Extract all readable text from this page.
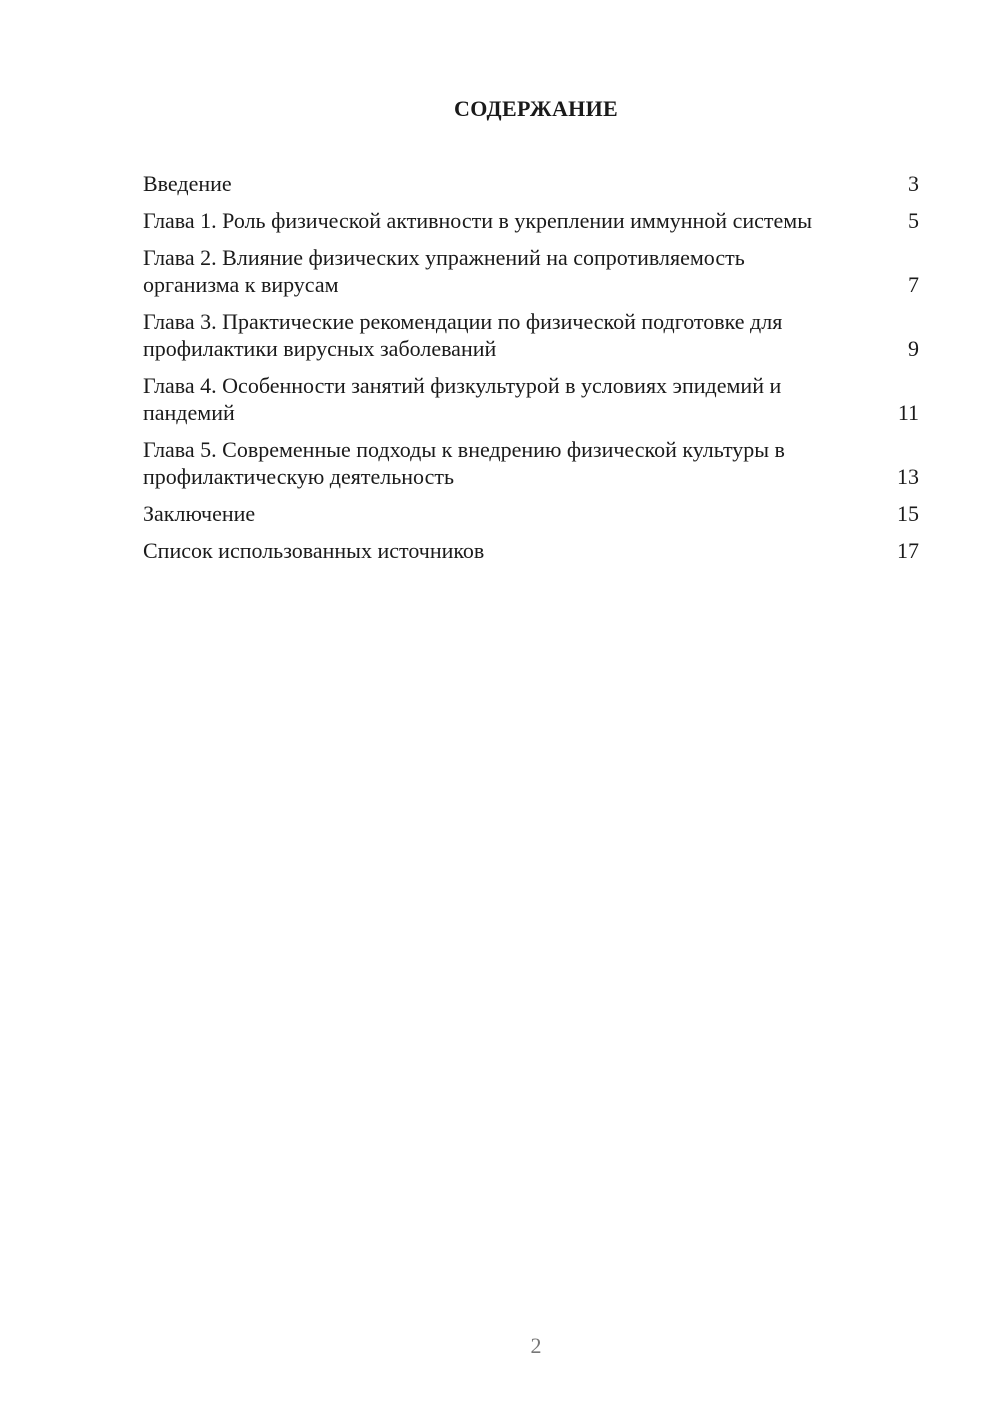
СОДЕРЖАНИЕ
Введение	3
Глава 1. Роль физической активности в укреплении иммунной системы	5
Глава 2. Влияние физических упражнений на сопротивляемость организма к вирусам	7
Глава 3. Практические рекомендации по физической подготовке для профилактики вирусных заболеваний	9
Глава 4. Особенности занятий физкультурой в условиях эпидемий и пандемий	11
Глава 5. Современные подходы к внедрению физической культуры в профилактическую деятельность	13
Заключение	15
Список использованных источников	17
2
